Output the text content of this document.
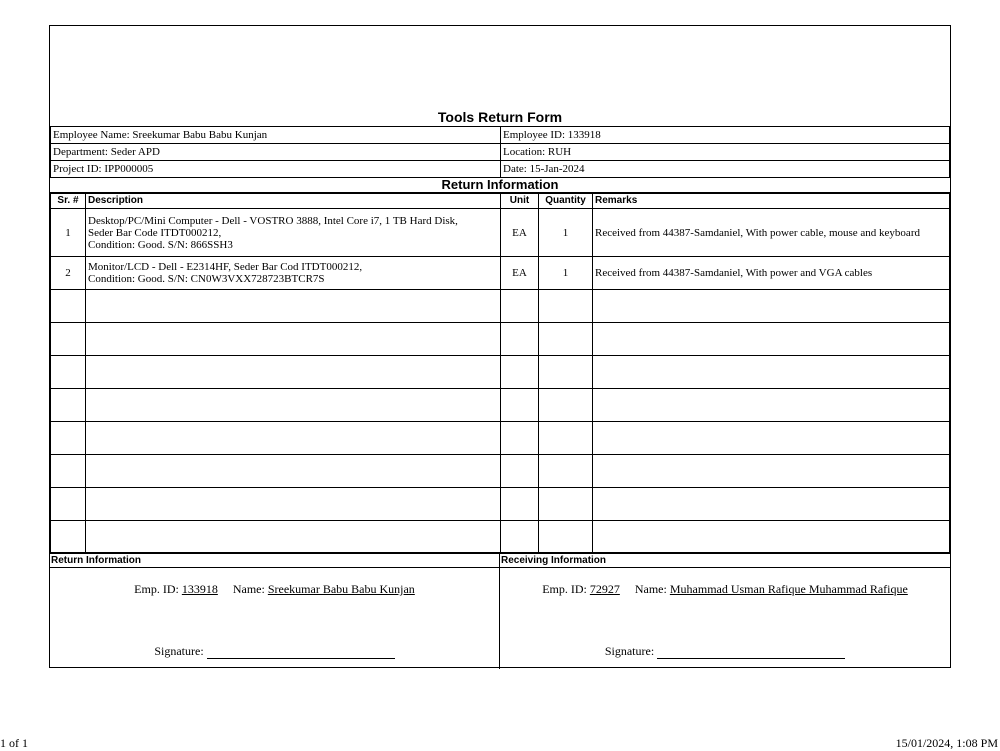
Tools Return Form
Employee Name: Sreekumar Babu Babu Kunjan	Employee ID: 133918
Department: Seder APD	Location: RUH
Project ID: IPP000005	Date: 15-Jan-2024
Return Information
Sr. #	Description	Unit	Quantity	Remarks
1	Desktop/PC/Mini Computer - Dell - VOSTRO 3888, Intel Core i7, 1 TB Hard Disk,
Seder Bar Code ITDT000212,
Condition: Good. S/N: 866SSH3	EA	1	Received from 44387-Samdaniel, With power cable, mouse and keyboard
2	Monitor/LCD - Dell - E2314HF, Seder Bar Cod ITDT000212,
Condition: Good. S/N: CN0W3VXX728723BTCR7S	EA	1	Received from 44387-Samdaniel, With power and VGA cables

Return Information
Emp. ID: 133918 Name: Sreekumar Babu Babu Kunjan
Signature:
Receiving Information
Emp. ID: 72927 Name: Muhammad Usman Rafique Muhammad Rafique
Signature:
1 of 1	15/01/2024, 1:08 PM
